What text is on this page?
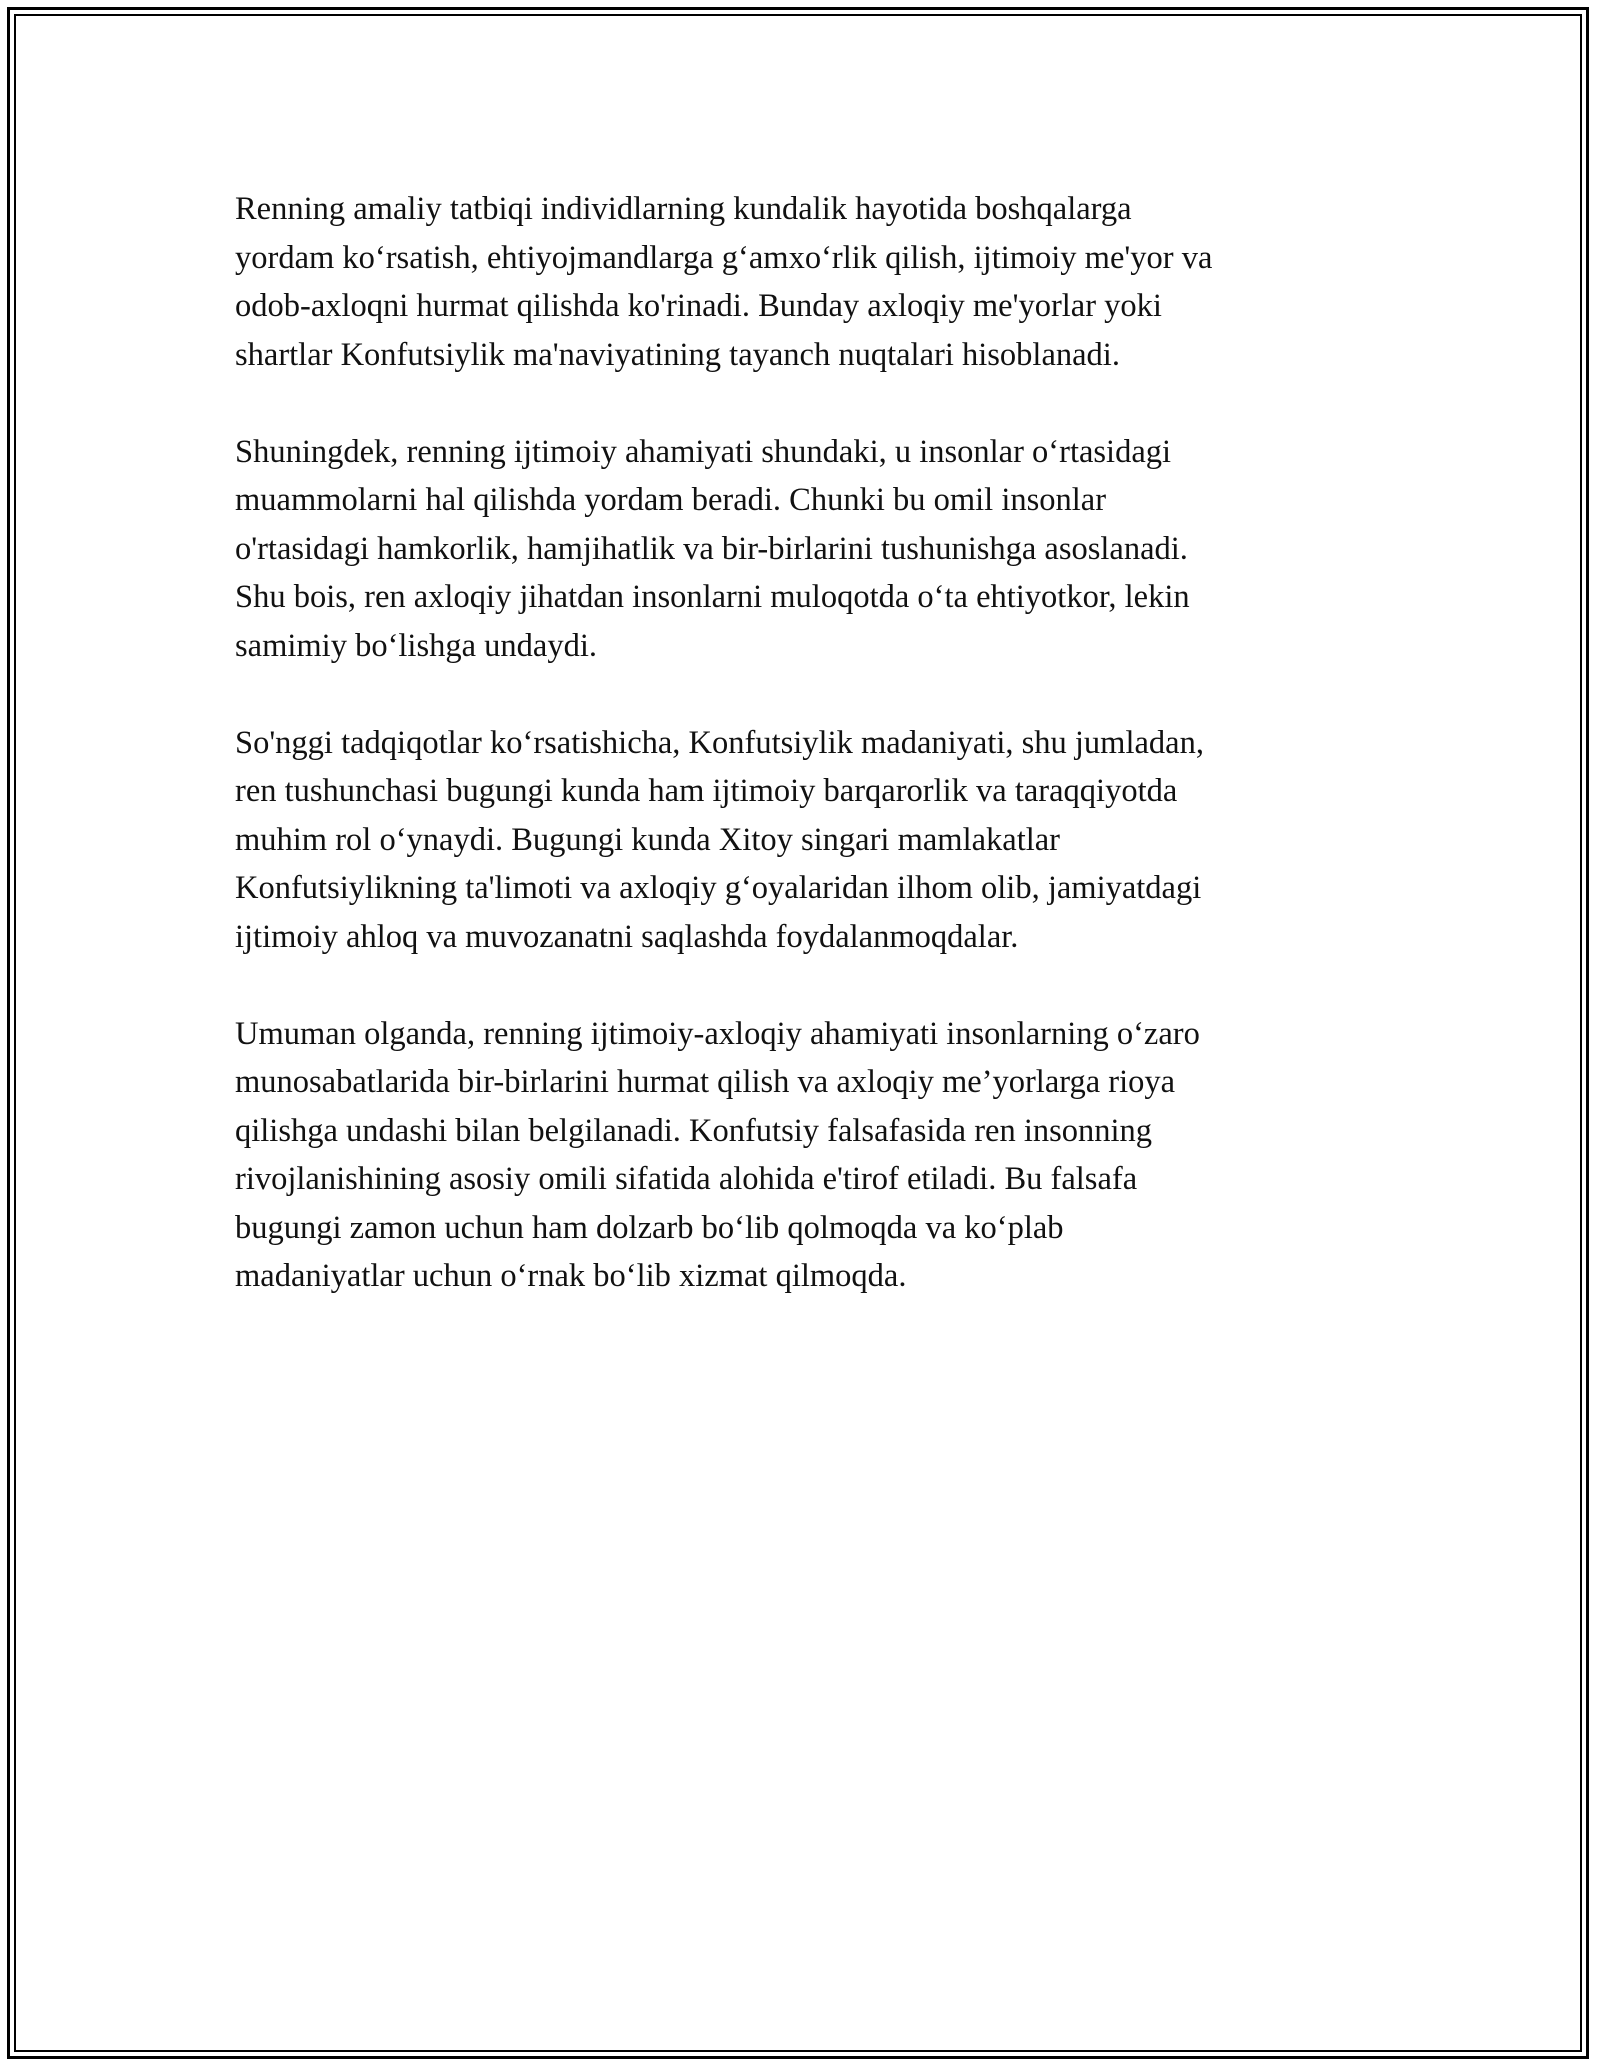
Renning amaliy tatbiqi individlarning kundalik hayotida boshqalarga
yordam ko‘rsatish, ehtiyojmandlarga g‘amxo‘rlik qilish, ijtimoiy me'yor va
odob-axloqni hurmat qilishda ko'rinadi. Bunday axloqiy me'yorlar yoki
shartlar Konfutsiylik ma'naviyatining tayanch nuqtalari hisoblanadi.
Shuningdek, renning ijtimoiy ahamiyati shundaki, u insonlar o‘rtasidagi
muammolarni hal qilishda yordam beradi. Chunki bu omil insonlar
o'rtasidagi hamkorlik, hamjihatlik va bir-birlarini tushunishga asoslanadi.
Shu bois, ren axloqiy jihatdan insonlarni muloqotda o‘ta ehtiyotkor, lekin
samimiy bo‘lishga undaydi.
So'nggi tadqiqotlar ko‘rsatishicha, Konfutsiylik madaniyati, shu jumladan,
ren tushunchasi bugungi kunda ham ijtimoiy barqarorlik va taraqqiyotda
muhim rol o‘ynaydi. Bugungi kunda Xitoy singari mamlakatlar
Konfutsiylikning ta'limoti va axloqiy g‘oyalaridan ilhom olib, jamiyatdagi
ijtimoiy ahloq va muvozanatni saqlashda foydalanmoqdalar.
Umuman olganda, renning ijtimoiy-axloqiy ahamiyati insonlarning o‘zaro
munosabatlarida bir-birlarini hurmat qilish va axloqiy me’yorlarga rioya
qilishga undashi bilan belgilanadi. Konfutsiy falsafasida ren insonning
rivojlanishining asosiy omili sifatida alohida e'tirof etiladi. Bu falsafa
bugungi zamon uchun ham dolzarb bo‘lib qolmoqda va ko‘plab
madaniyatlar uchun o‘rnak bo‘lib xizmat qilmoqda.
